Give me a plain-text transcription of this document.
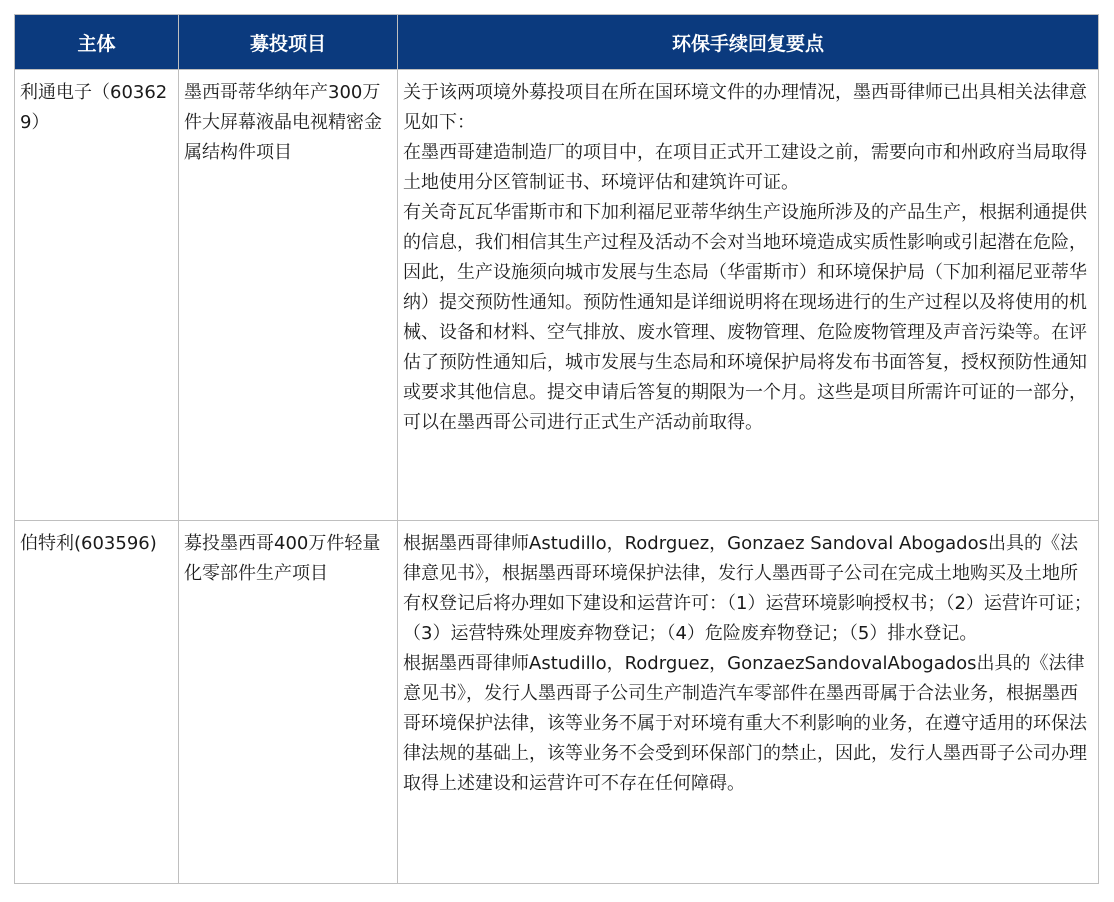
主体	募投项目	环保手续回复要点
利通电子（603629）	墨西哥蒂华纳年产300万件大屏幕液晶电视精密金属结构件项目	关于该两项境外募投项目在所在国环境文件的办理情况，墨西哥律师已出具相关法律意见如下：

在墨西哥建造制造厂的项目中，在项目正式开工建设之前，需要向市和州政府当局取得土地使用分区管制证书、环境评估和建筑许可证。

有关奇瓦瓦华雷斯市和下加利福尼亚蒂华纳生产设施所涉及的产品生产，根据利通提供的信息，我们相信其生产过程及活动不会对当地环境造成实质性影响或引起潜在危险，因此，生产设施须向城市发展与生态局（华雷斯市）和环境保护局（下加利福尼亚蒂华纳）提交预防性通知。预防性通知是详细说明将在现场进行的生产过程以及将使用的机械、设备和材料、空气排放、废水管理、废物管理、危险废物管理及声音污染等。在评估了预防性通知后，城市发展与生态局和环境保护局将发布书面答复，授权预防性通知或要求其他信息。提交申请后答复的期限为一个月。这些是项目所需许可证的一部分，可以在墨西哥公司进行正式生产活动前取得。

伯特利(603596)	募投墨西哥400万件轻量化零部件生产项目	根据墨西哥律师Astudillo，Rodrguez，Gonzaez Sandoval Abogados出具的《法律意见书》，根据墨西哥环境保护法律，发行人墨西哥子公司在完成土地购买及土地所有权登记后将办理如下建设和运营许可：（1）运营环境影响授权书；（2）运营许可证；（3）运营特殊处理废弃物登记；（4）危险废弃物登记；（5）排水登记。

根据墨西哥律师Astudillo，Rodrguez，GonzaezSandovalAbogados出具的《法律意见书》，发行人墨西哥子公司生产制造汽车零部件在墨西哥属于合法业务，根据墨西哥环境保护法律，该等业务不属于对环境有重大不利影响的业务，在遵守适用的环保法律法规的基础上，该等业务不会受到环保部门的禁止，因此，发行人墨西哥子公司办理取得上述建设和运营许可不存在任何障碍。
